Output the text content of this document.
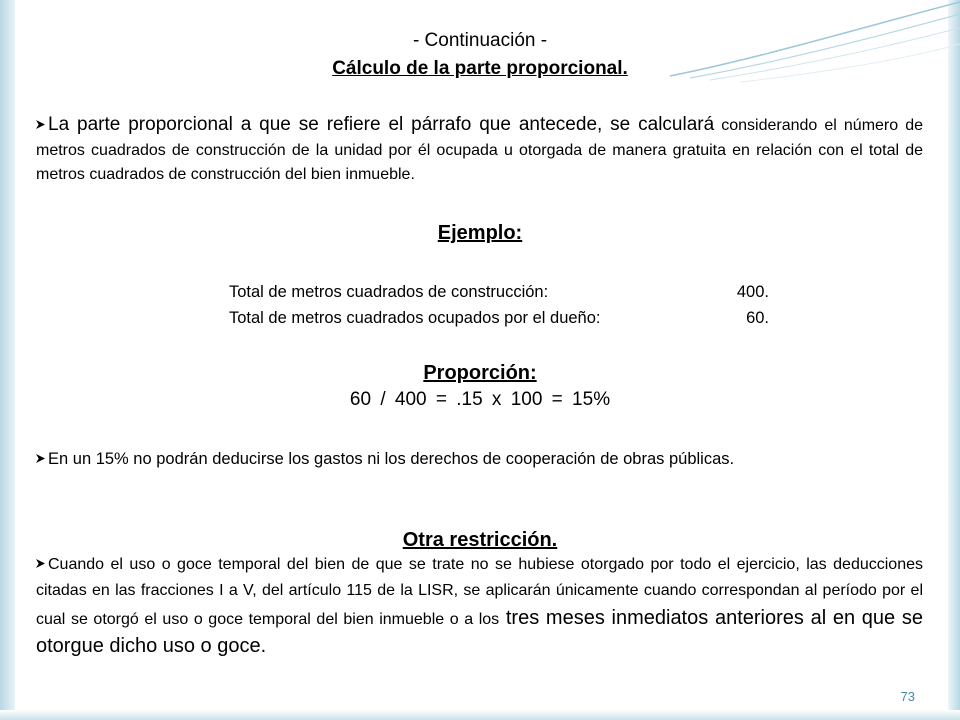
- Continuación -
Cálculo de la parte proporcional.
La parte proporcional a que se refiere el párrafo que antecede, se calculará considerando el número de metros cuadrados de construcción de la unidad por él ocupada u otorgada de manera gratuita en relación con el total de metros cuadrados de construcción del bien inmueble.
Ejemplo:
Total de metros cuadrados de construcción:	400.
Total de metros cuadrados ocupados por el dueño:	60.
Proporción:
60 / 400 = .15 x 100 = 15%
En un 15% no podrán deducirse los gastos ni los derechos de cooperación de obras públicas.
Otra restricción.
Cuando el uso o goce temporal del bien de que se trate no se hubiese otorgado por todo el ejercicio, las deducciones citadas en las fracciones I a V, del artículo 115 de la LISR, se aplicarán únicamente cuando correspondan al período por el cual se otorgó el uso o goce temporal del bien inmueble o a los tres meses inmediatos anteriores al en que se otorgue dicho uso o goce.
73
